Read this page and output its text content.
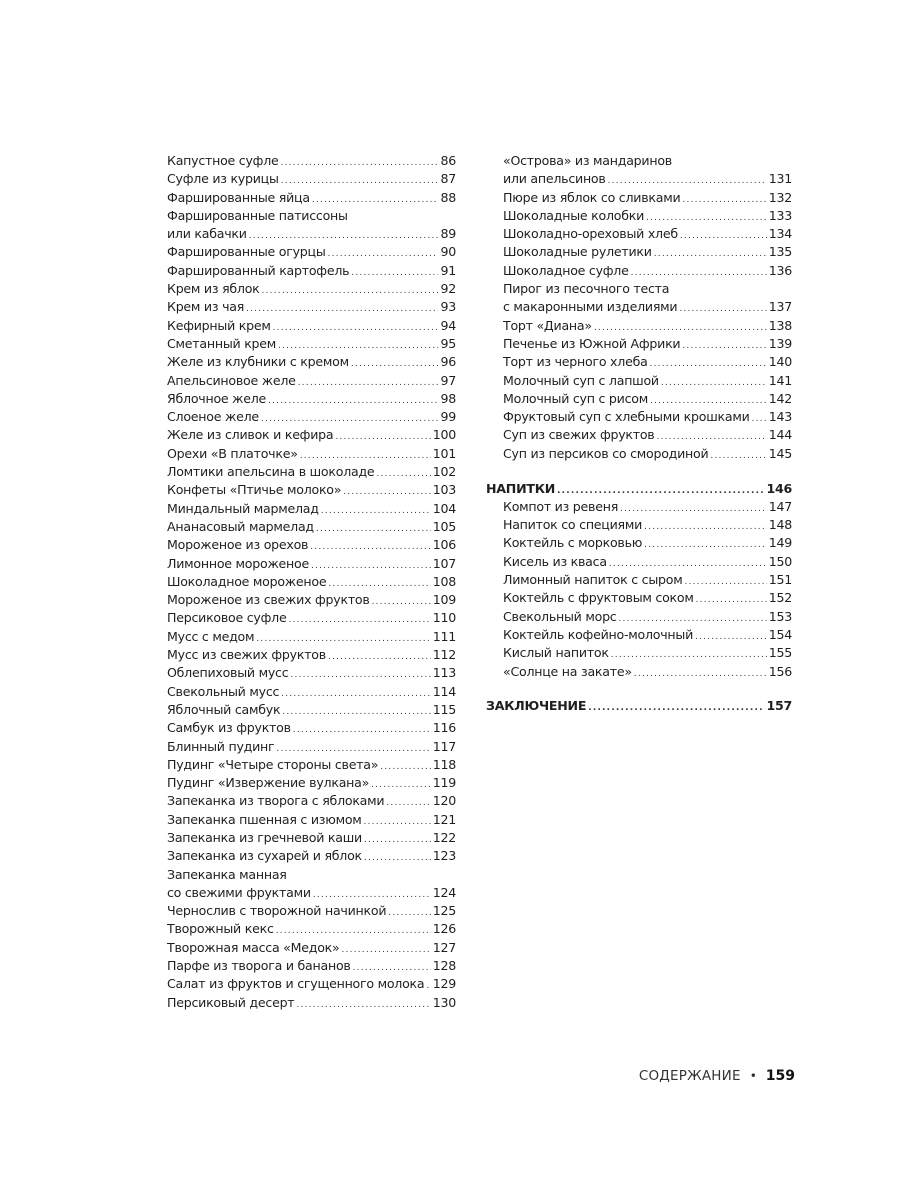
Капустное суфле .....	86
Суфле из курицы .....	87
Фаршированные яйца .....	88
Фаршированные патиссоны
или кабачки .....	89
Фаршированные огурцы .....	90
Фаршированный картофель .....	91
Крем из яблок .....	92
Крем из чая .....	93
Кефирный крем .....	94
Сметанный крем .....	95
Желе из клубники с кремом .....	96
Апельсиновое желе .....	97
Яблочное желе .....	98
Слоеное желе .....	99
Желе из сливок и кефира .....	100
Орехи «В платочке» .....	101
Ломтики апельсина в шоколаде .....	102
Конфеты «Птичье молоко» .....	103
Миндальный мармелад .....	104
Ананасовый мармелад .....	105
Мороженое из орехов .....	106
Лимонное мороженое .....	107
Шоколадное мороженое .....	108
Мороженое из свежих фруктов .....	109
Персиковое суфле .....	110
Мусс с медом .....	111
Мусс из свежих фруктов .....	112
Облепиховый мусс .....	113
Свекольный мусс .....	114
Яблочный самбук .....	115
Самбук из фруктов .....	116
Блинный пудинг .....	117
Пудинг «Четыре стороны света» .....	118
Пудинг «Извержение вулкана» .....	119
Запеканка из творога с яблоками .....	120
Запеканка пшенная с изюмом .....	121
Запеканка из гречневой каши .....	122
Запеканка из сухарей и яблок .....	123
Запеканка манная
со свежими фруктами .....	124
Чернослив с творожной начинкой .....	125
Творожный кекс .....	126
Творожная масса «Медок» .....	127
Парфе из творога и бананов .....	128
Салат из фруктов и сгущенного молока ..... 129
Персиковый десерт .....	130
«Острова» из мандаринов
или апельсинов .....	131
Пюре из яблок со сливками .....	132
Шоколадные колобки .....	133
Шоколадно-ореховый хлеб .....	134
Шоколадные рулетики .....	135
Шоколадное суфле .....	136
Пирог из песочного теста
с макаронными изделиями .....	137
Торт «Диана» .....	138
Печенье из Южной Африки .....	139
Торт из черного хлеба .....	140
Молочный суп с лапшой .....	141
Молочный суп с рисом .....	142
Фруктовый суп с хлебными крошками ..... 143
Суп из свежих фруктов .....	144
Суп из персиков со смородиной .....	145
НАПИТКИ .....	146
Компот из ревеня .....	147
Напиток со специями .....	148
Коктейль с морковью .....	149
Кисель из кваса .....	150
Лимонный напиток с сыром .....	151
Коктейль с фруктовым соком .....	152
Свекольный морс .....	153
Коктейль кофейно-молочный .....	154
Кислый напиток .....	155
«Солнце на закате» .....	156
ЗАКЛЮЧЕНИЕ .....	157
СОДЕРЖАНИЕ • 159
